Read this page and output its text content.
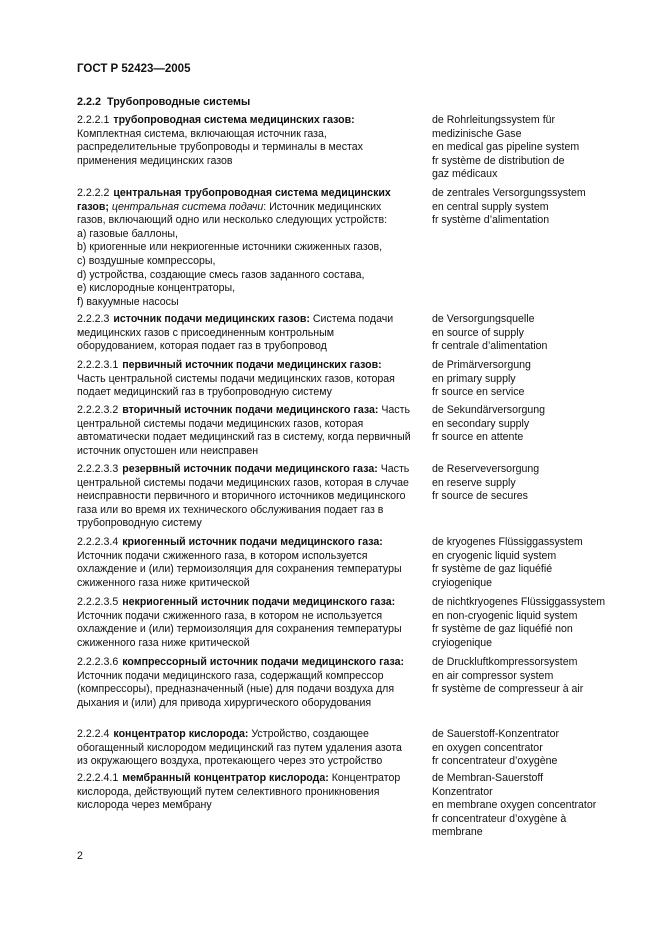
ГОСТ Р 52423—2005
2.2.2 Трубопроводные системы
2.2.2.1 трубопроводная система медицинских газов: Комплектная система, включающая источник газа, распределительные трубопроводы и терминалы в местах применения медицинских газов
de Rohrleitungssystem für medizinische Gase
en medical gas pipeline system
fr système de distribution de gaz médicaux
2.2.2.2 центральная трубопроводная система медицинских газов; центральная система подачи: Источник медицинских газов, включающий одно или несколько следующих устройств:
a) газовые баллоны,
b) криогенные или некриогенные источники сжиженных газов,
c) воздушные компрессоры,
d) устройства, создающие смесь газов заданного состава,
e) кислородные концентраторы,
f) вакуумные насосы
de zentrales Versorgungssystem
en central supply system
fr système d’alimentation
2.2.2.3 источник подачи медицинских газов: Система подачи медицинских газов с присоединенным контрольным оборудованием, которая подает газ в трубопровод
de Versorgungsquelle
en source of supply
fr centrale d’alimentation
2.2.2.3.1 первичный источник подачи медицинских газов: Часть центральной системы подачи медицинских газов, которая подает медицинский газ в трубопроводную систему
de Primärversorgung
en primary supply
fr source en service
2.2.2.3.2 вторичный источник подачи медицинского газа: Часть центральной системы подачи медицинских газов, которая автоматически подает медицинский газ в систему, когда первичный источник опустошен или неисправен
de Sekundärversorgung
en secondary supply
fr source en attente
2.2.2.3.3 резервный источник подачи медицинского газа: Часть центральной системы подачи медицинских газов, которая в случае неисправности первичного и вторичного источников медицинского газа или во время их технического обслуживания подает газ в трубопроводную систему
de Reserveversorgung
en reserve supply
fr source de secures
2.2.2.3.4 криогенный источник подачи медицинского газа: Источник подачи сжиженного газа, в котором используется охлаждение и (или) термоизоляция для сохранения температуры сжиженного газа ниже критической
de kryogenes Flüssiggassystem
en cryogenic liquid system
fr système de gaz liquéfié cryiogenique
2.2.2.3.5 некриогенный источник подачи медицинского газа: Источник подачи сжиженного газа, в котором не используется охлаждение и (или) термоизоляция для сохранения температуры сжиженного газа ниже критической
de nichtkryogenes Flüssiggassystem
en non-cryogenic liquid system
fr système de gaz liquéfié non cryiogenique
2.2.2.3.6 компрессорный источник подачи медицинского газа: Источник подачи медицинского газа, содержащий компрессор (компрессоры), предназначенный (ные) для подачи воздуха для дыхания и (или) для привода хирургического оборудования
de Druckluftkompressorsystem
en air compressor system
fr système de compresseur à air
2.2.2.4 концентратор кислорода: Устройство, создающее обогащенный кислородом медицинский газ путем удаления азота из окружающего воздуха, протекающего через это устройство
de Sauerstoff-Konzentrator
en oxygen concentrator
fr concentrateur d’oxygène
2.2.2.4.1 мембранный концентратор кислорода: Концентратор кислорода, действующий путем селективного проникновения кислорода через мембрану
de Membran-Sauerstoff Konzentrator
en membrane oxygen concentrator
fr concentrateur d’oxygène à membrane
2
